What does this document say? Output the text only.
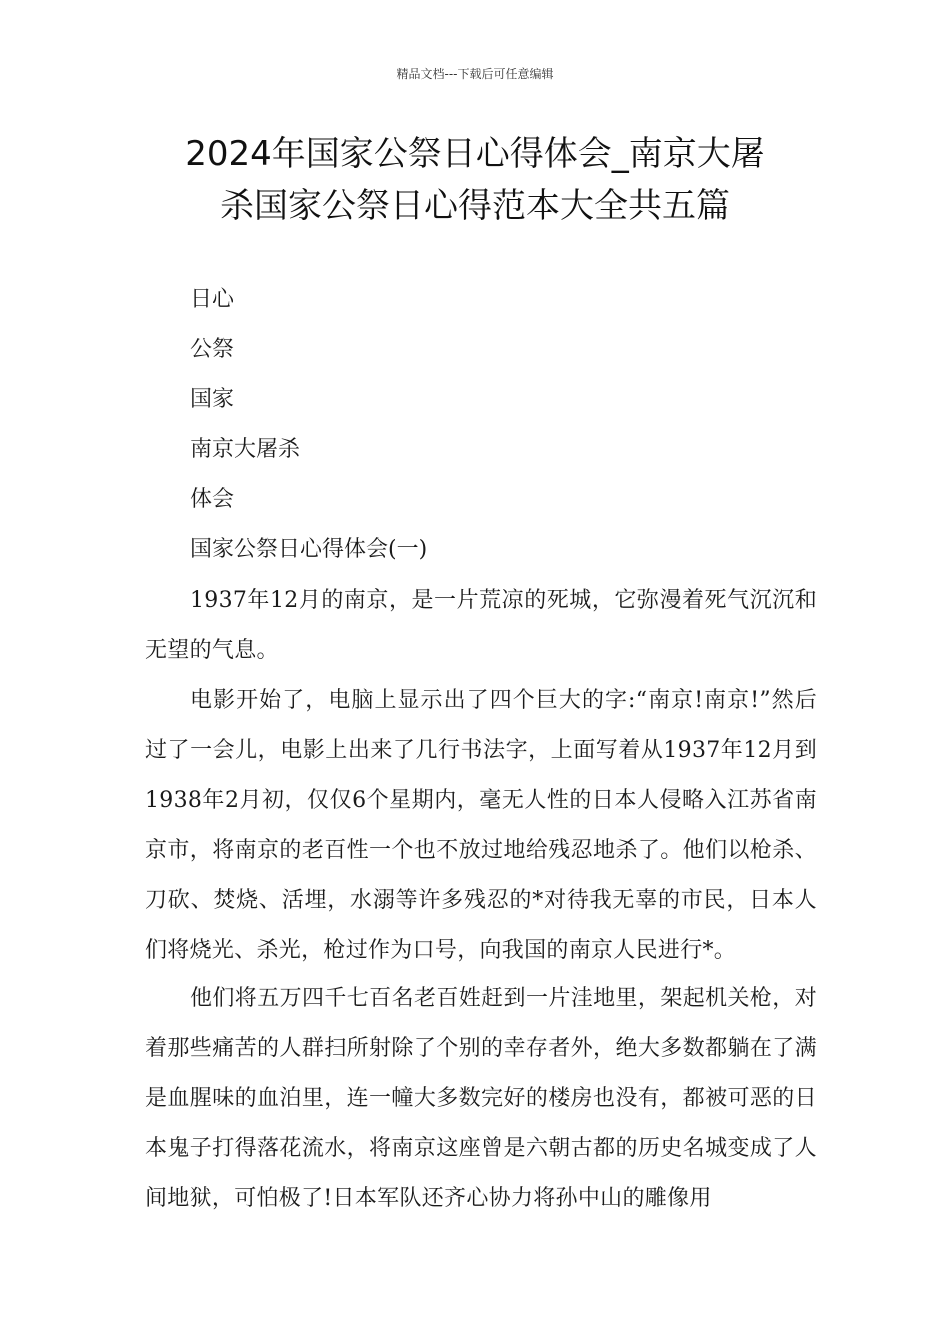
精品文档---下载后可任意编辑
2024年国家公祭日心得体会_南京大屠
杀国家公祭日心得范本大全共五篇

日心

公祭

国家

南京大屠杀

体会

国家公祭日心得体会(一)

1937年12月的南京，是一片荒凉的死城，它弥漫着死气沉沉和无望的气息。

电影开始了，电脑上显示出了四个巨大的字:“南京!南京!”然后过了一会儿，电影上出来了几行书法字，上面写着从1937年12月到1938年2月初，仅仅6个星期内，毫无人性的日本人侵略入江苏省南京市，将南京的老百性一个也不放过地给残忍地杀了。他们以枪杀、刀砍、焚烧、活埋，水溺等许多残忍的*对待我无辜的市民，日本人们将烧光、杀光，枪过作为口号，向我国的南京人民进行*。

他们将五万四千七百名老百姓赶到一片洼地里，架起机关枪，对着那些痛苦的人群扫所射除了个别的幸存者外，绝大多数都躺在了满是血腥味的血泊里，连一幢大多数完好的楼房也没有，都被可恶的日本鬼子打得落花流水，将南京这座曾是六朝古都的历史名城变成了人间地狱，可怕极了!日本军队还齐心协力将孙中山的雕像用
